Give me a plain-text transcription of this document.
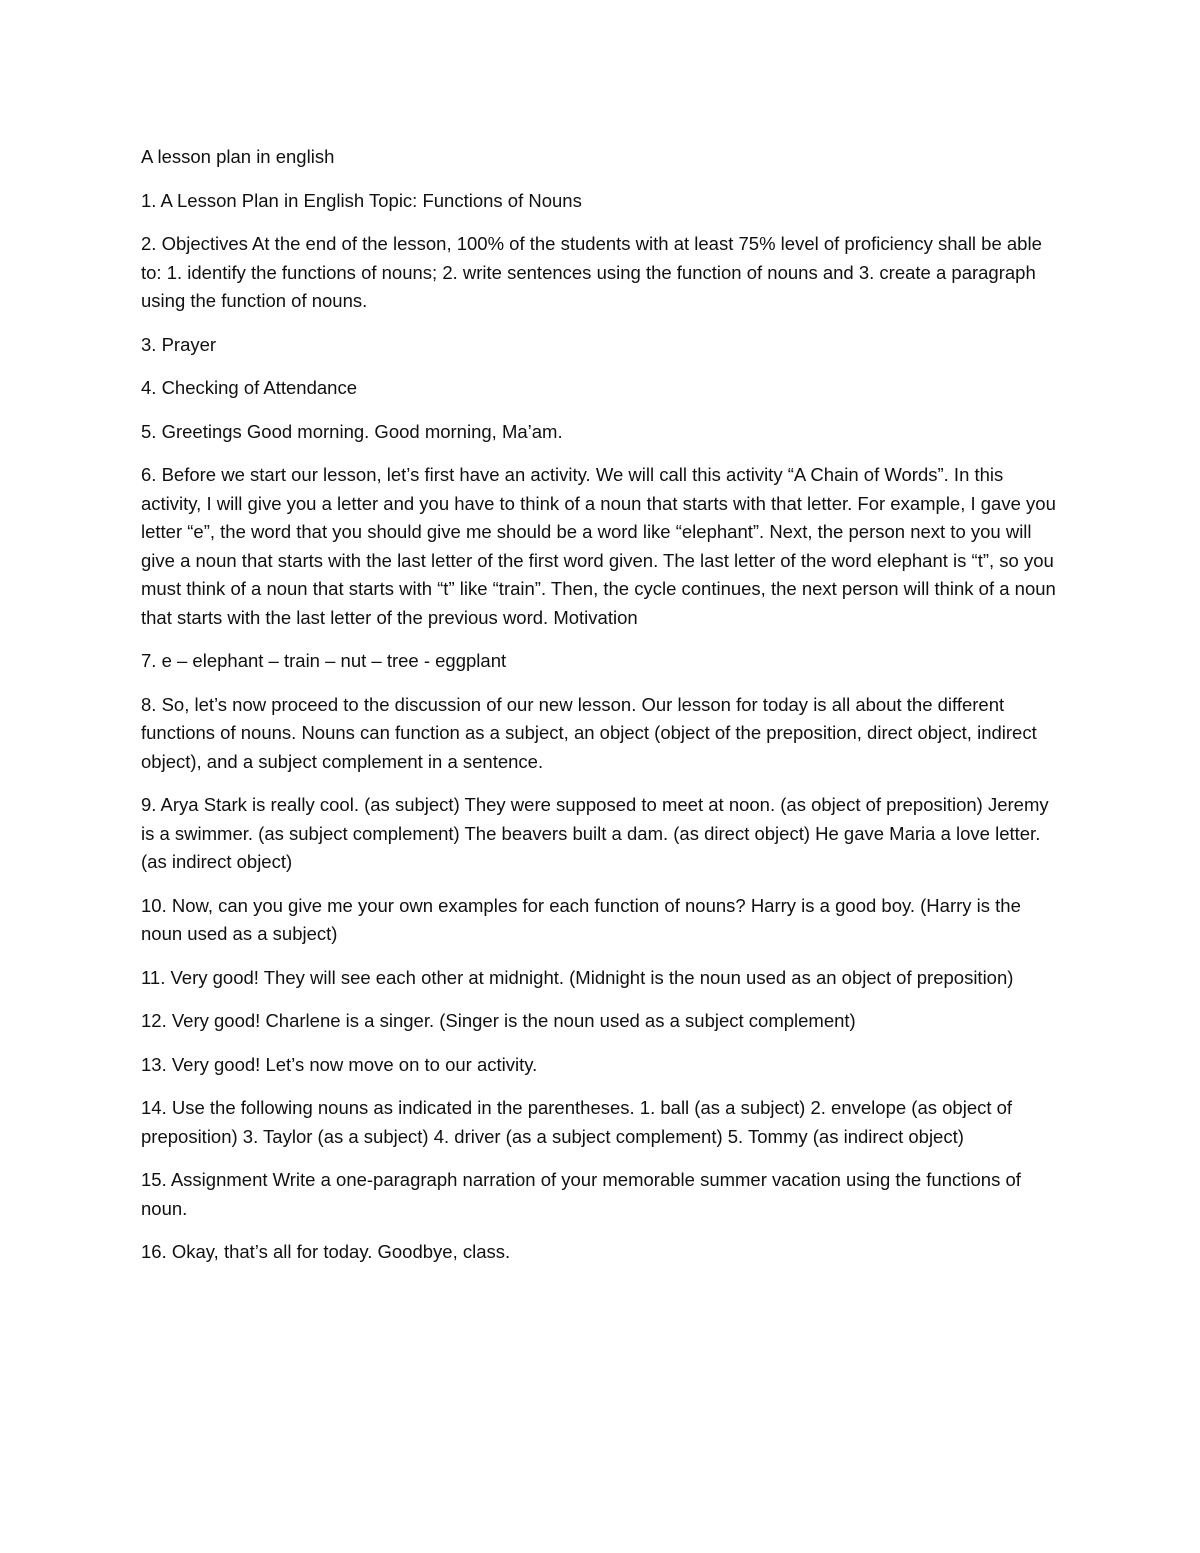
A lesson plan in english

1. A Lesson Plan in English Topic: Functions of Nouns

2. Objectives At the end of the lesson, 100% of the students with at least 75% level of proficiency shall be able to: 1. identify the functions of nouns; 2. write sentences using the function of nouns and 3. create a paragraph using the function of nouns.

3. Prayer

4. Checking of Attendance

5. Greetings Good morning. Good morning, Ma’am.

6. Before we start our lesson, let’s first have an activity. We will call this activity “A Chain of Words”. In this activity, I will give you a letter and you have to think of a noun that starts with that letter. For example, I gave you letter “e”, the word that you should give me should be a word like “elephant”. Next, the person next to you will give a noun that starts with the last letter of the first word given. The last letter of the word elephant is “t”, so you must think of a noun that starts with “t” like “train”. Then, the cycle continues, the next person will think of a noun that starts with the last letter of the previous word. Motivation

7. e – elephant – train – nut – tree - eggplant

8. So, let’s now proceed to the discussion of our new lesson. Our lesson for today is all about the different functions of nouns. Nouns can function as a subject, an object (object of the preposition, direct object, indirect object), and a subject complement in a sentence.

9. Arya Stark is really cool. (as subject) They were supposed to meet at noon. (as object of preposition) Jeremy is a swimmer. (as subject complement) The beavers built a dam. (as direct object) He gave Maria a love letter. (as indirect object)

10. Now, can you give me your own examples for each function of nouns? Harry is a good boy. (Harry is the noun used as a subject)

11. Very good! They will see each other at midnight. (Midnight is the noun used as an object of preposition)

12. Very good! Charlene is a singer. (Singer is the noun used as a subject complement)

13. Very good! Let’s now move on to our activity.

14. Use the following nouns as indicated in the parentheses. 1. ball (as a subject) 2. envelope (as object of preposition) 3. Taylor (as a subject) 4. driver (as a subject complement) 5. Tommy (as indirect object)

15. Assignment Write a one-paragraph narration of your memorable summer vacation using the functions of noun.

16. Okay, that’s all for today. Goodbye, class.
